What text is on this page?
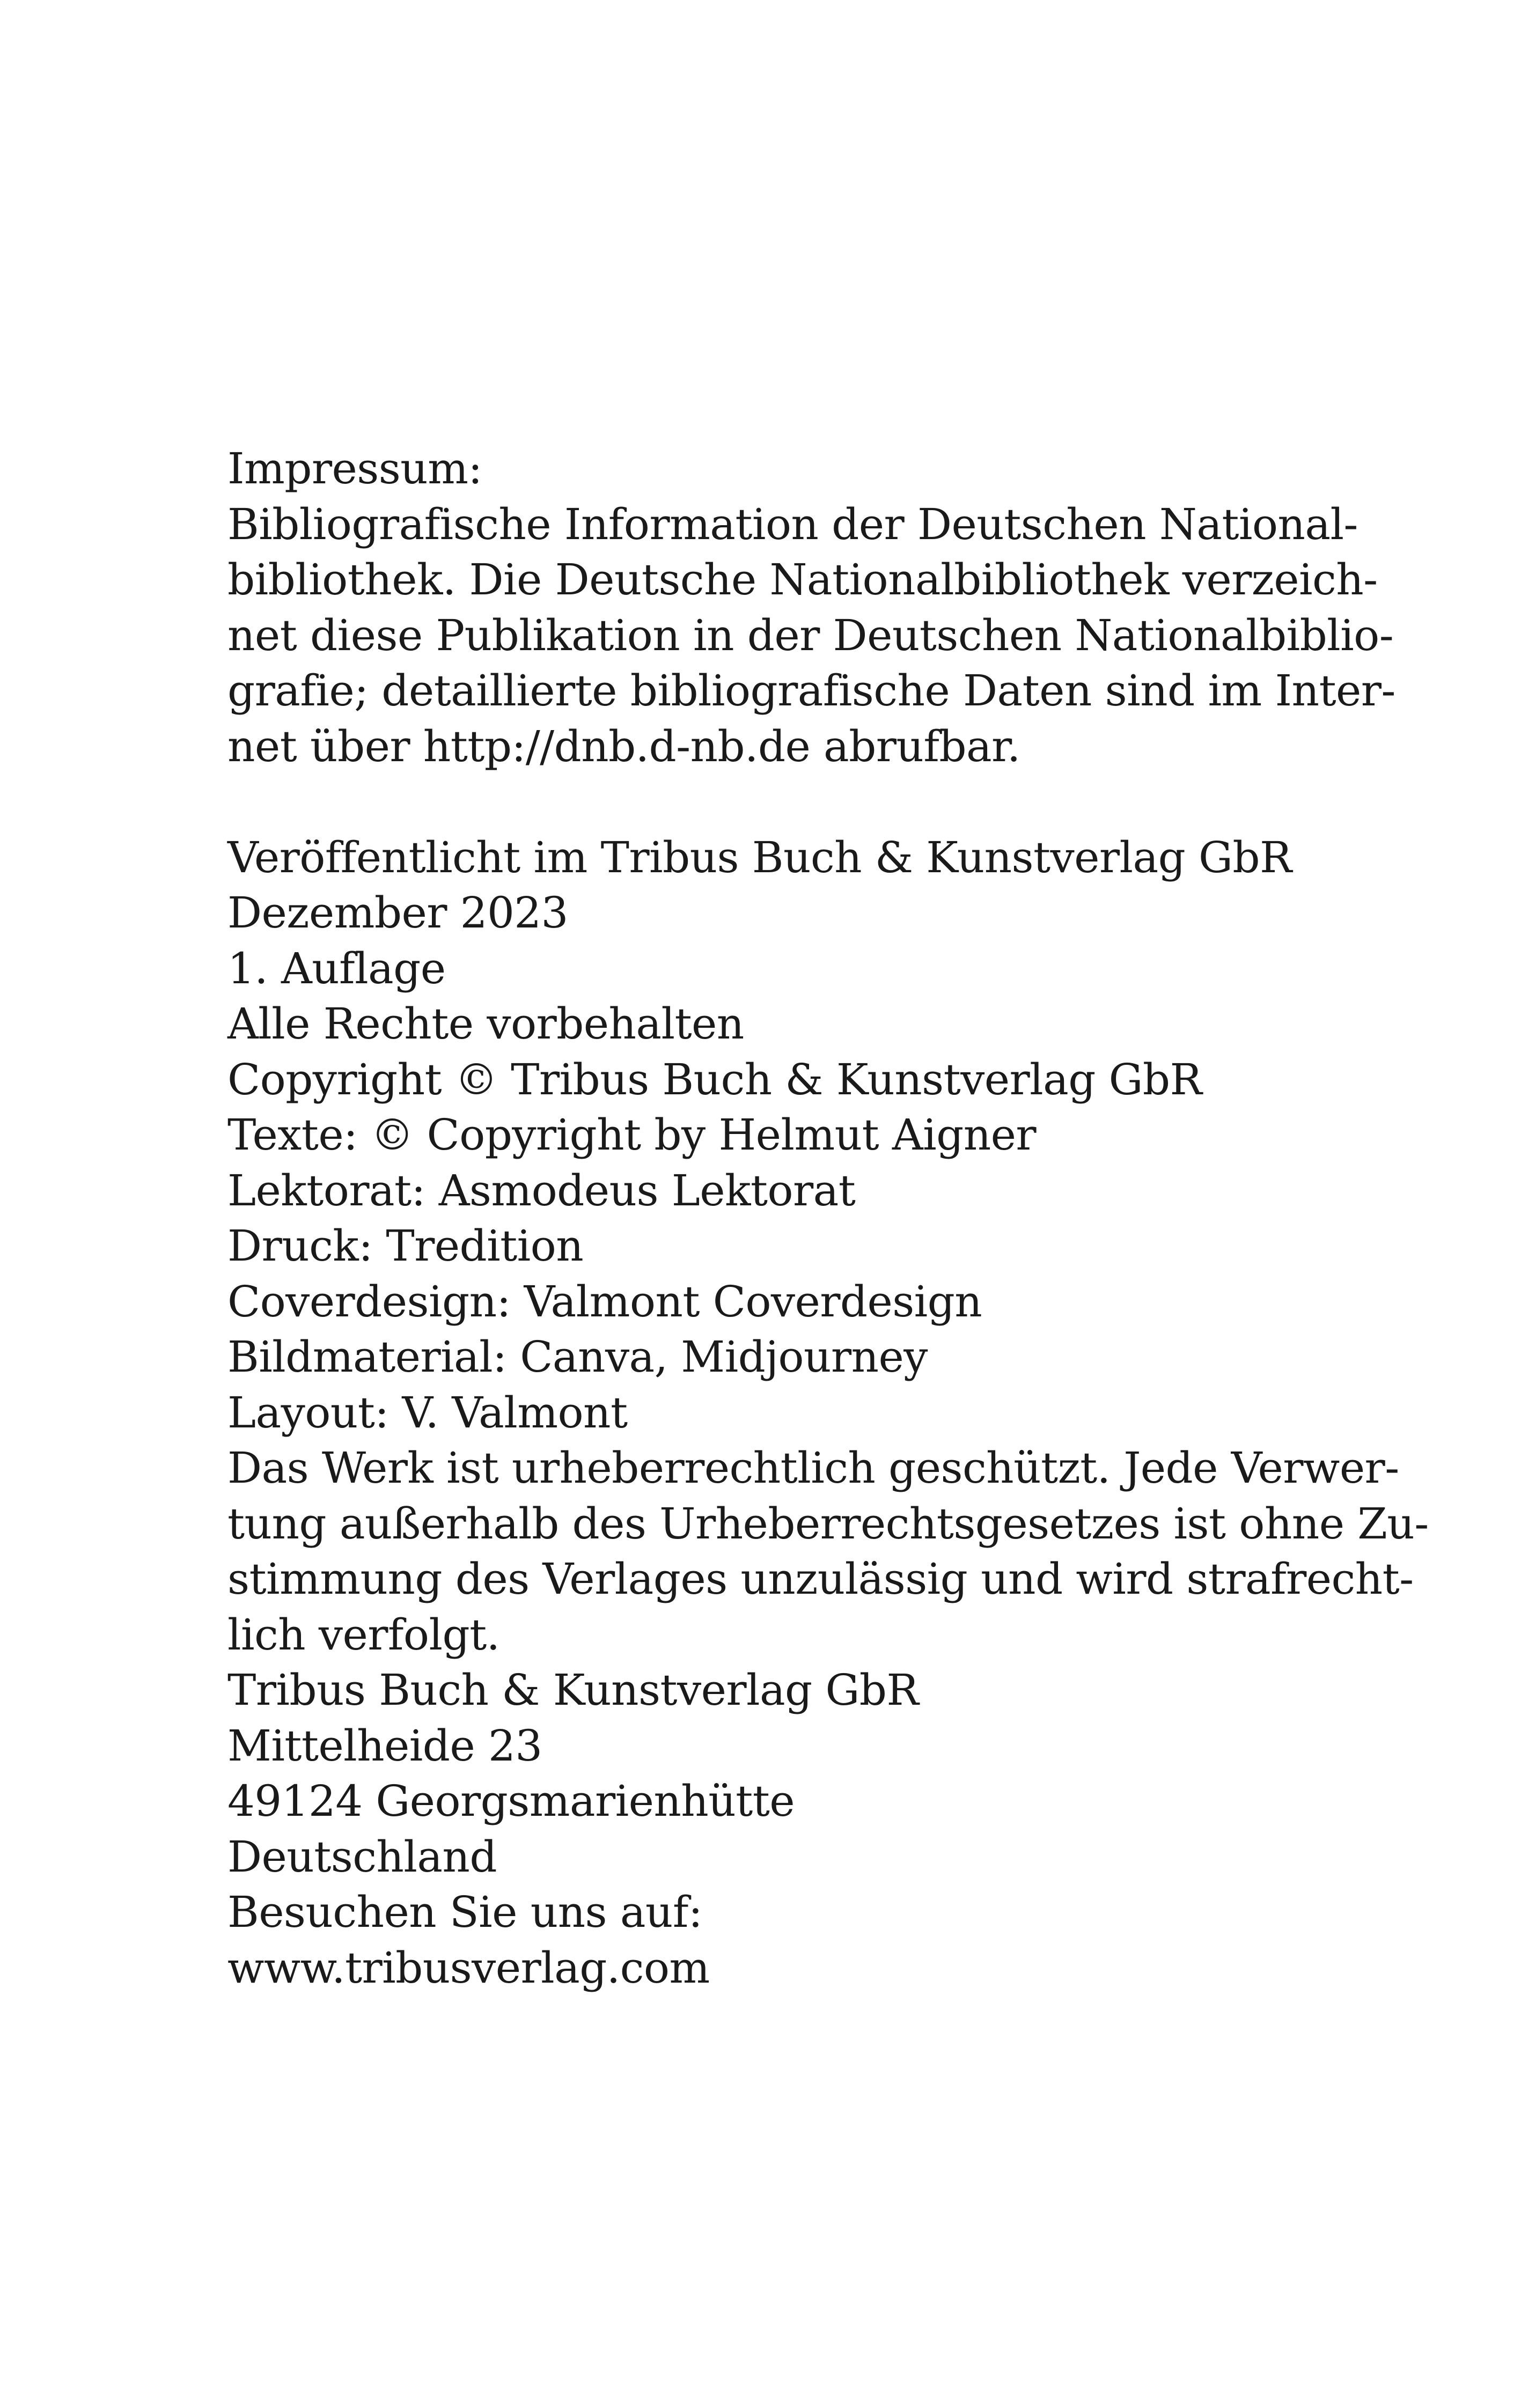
Impressum:
Bibliografische Information der Deutschen National-
bibliothek. Die Deutsche Nationalbibliothek verzeich-
net diese Publikation in der Deutschen Nationalbiblio-
grafie; detaillierte bibliografische Daten sind im Inter-
net über http://dnb.d-nb.de abrufbar.
Veröffentlicht im Tribus Buch & Kunstverlag GbR
Dezember 2023
1. Auflage
Alle Rechte vorbehalten
Copyright © Tribus Buch & Kunstverlag GbR
Texte: © Copyright by Helmut Aigner
Lektorat: Asmodeus Lektorat
Druck: Tredition
Coverdesign: Valmont Coverdesign
Bildmaterial: Canva, Midjourney
Layout: V. Valmont
Das Werk ist urheberrechtlich geschützt. Jede Verwer-
tung außerhalb des Urheberrechtsgesetzes ist ohne Zu-
stimmung des Verlages unzulässig und wird strafrecht-
lich verfolgt.
Tribus Buch & Kunstverlag GbR
Mittelheide 23
49124 Georgsmarienhütte
Deutschland
Besuchen Sie uns auf:
www.tribusverlag.com
